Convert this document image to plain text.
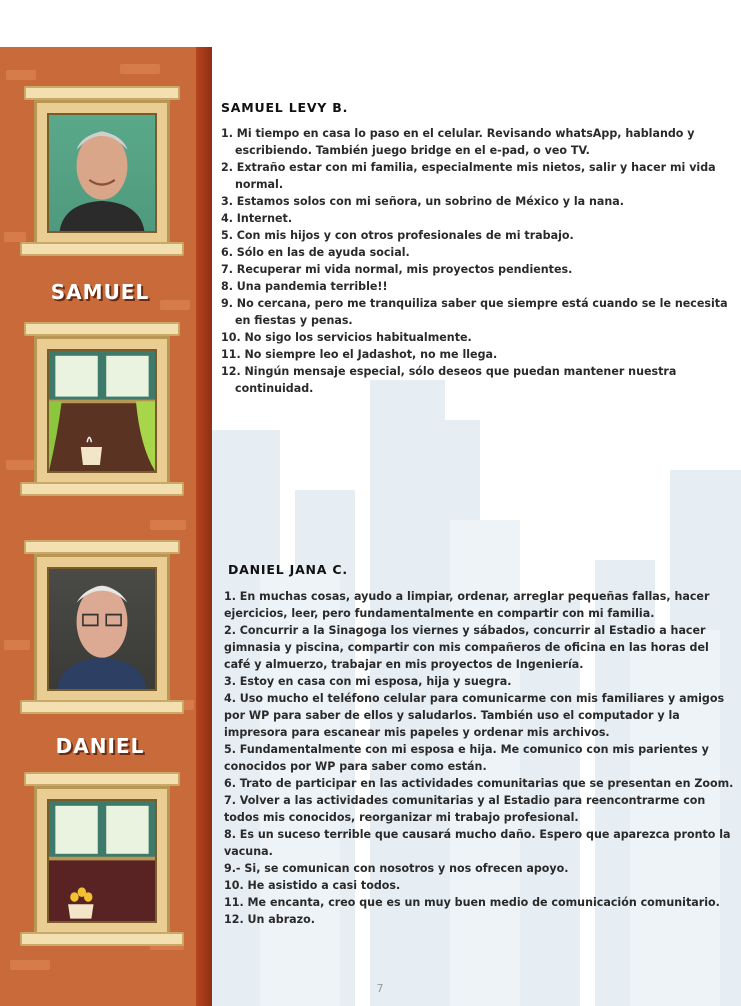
SAMUEL
DANIEL
SAMUEL LEVY B.
1. Mi tiempo en casa lo paso en el celular. Revisando whatsApp, hablando y escribiendo. También juego bridge en el e-pad, o veo TV.
2. Extraño estar con mi familia, especialmente mis nietos, salir y hacer mi vida normal.
3. Estamos solos con mi señora, un sobrino de México y la nana.
4. Internet.
5. Con mis hijos y con otros profesionales de mi trabajo.
6. Sólo en las de ayuda social.
7. Recuperar mi vida normal, mis proyectos pendientes.
8. Una pandemia terrible!!
9. No cercana, pero me tranquiliza saber que siempre está cuando se le necesita en fiestas y penas.
10. No sigo los servicios habitualmente.
11. No siempre leo el Jadashot, no me llega.
12. Ningún mensaje especial, sólo deseos que puedan mantener nuestra continuidad.
DANIEL JANA C.
1. En muchas cosas, ayudo a limpiar, ordenar, arreglar pequeñas fallas, hacer ejercicios, leer, pero fundamentalmente en compartir con mi familia.
2. Concurrir a la Sinagoga los viernes y sábados, concurrir al Estadio a hacer gimnasia y piscina, compartir con mis compañeros de oficina en las horas del café y almuerzo, trabajar en mis proyectos de Ingeniería.
3. Estoy en casa con mi esposa, hija y suegra.
4. Uso mucho el teléfono celular para comunicarme con mis familiares y amigos por WP para saber de ellos y saludarlos. También uso el computador y la impresora para escanear mis papeles y ordenar mis archivos.
5. Fundamentalmente con mi esposa e hija. Me comunico con mis parientes y conocidos por WP para saber como están.
6. Trato de participar en las actividades comunitarias que se presentan en Zoom.
7. Volver a las actividades comunitarias y al Estadio para reencontrarme con todos mis conocidos, reorganizar mi trabajo profesional.
8. Es un suceso terrible que causará mucho daño. Espero que aparezca pronto la vacuna.
9.- Si, se comunican con nosotros y nos ofrecen apoyo.
10. He asistido a casi todos.
11. Me encanta, creo que es un muy buen medio de comunicación comunitario.
12. Un abrazo.
7
